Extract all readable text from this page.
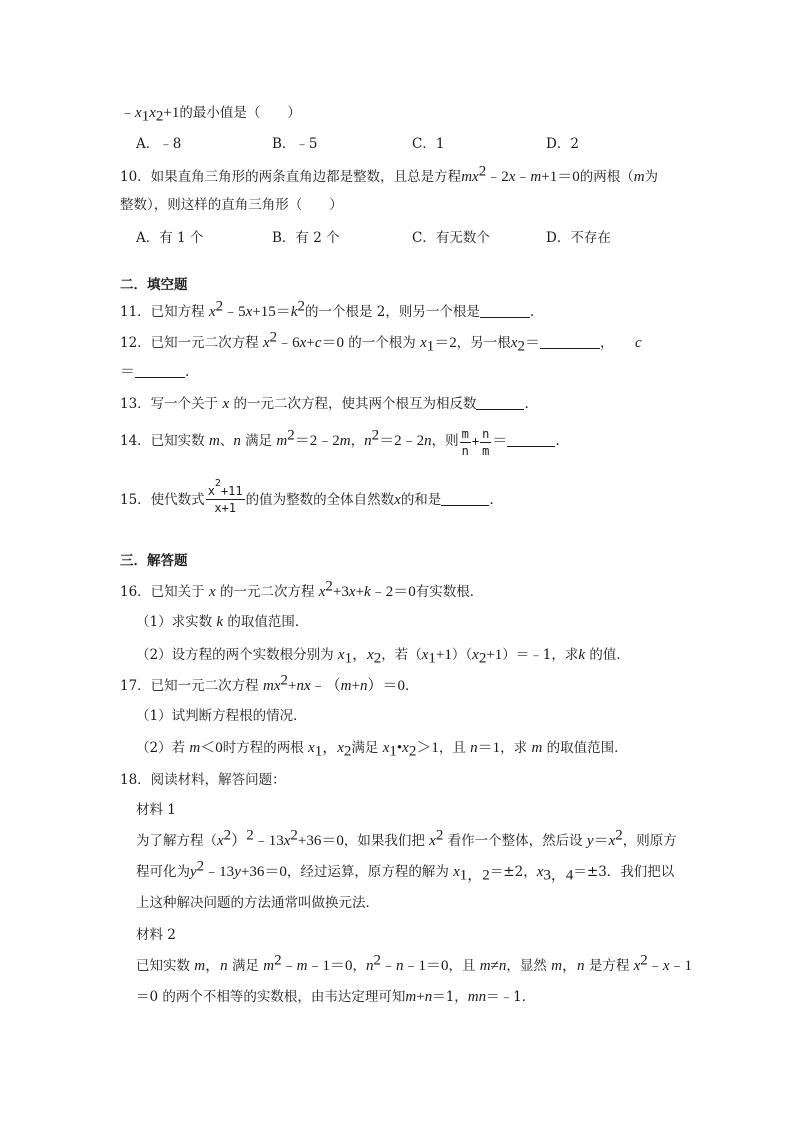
$﹣x_1x_2+1$的最小值是（　　）
A．﹣8	B．﹣5	C．1	D．2
10．如果直角三角形的两条直角边都是整数，且总是方程$mx^2﹣2x﹣m+1=0$的两根（m为
整数），则这样的直角三角形（　　）
A．有 1 个	B．有 2 个	C．有无数个	D．不存在
二．填空题
11．已知方程 $x^2﹣5x+15=k^2$的一个根是 2，则另一个根是	.
12．已知一元二次方程 $x^2﹣6x+c=0$ 的一个根为 $x_1=2$，另一根$x_2=$	， c
＝	.
13．写一个关于 x 的一元二次方程，使其两个根互为相反数	.
14．已知实数 m、n 满足 $m^2=2﹣2m$，$n^2=2﹣2n$，则 $\frac{m}{n} + \frac{n}{m}$ ＝	.
15．使代数式 $\frac{x^2+11}{x+1}$ 的值为整数的全体自然数x的和是	.
三．解答题
16．已知关于 x 的一元二次方程 $x^2+3x+k﹣2=0$有实数根．
（1）求实数 k 的取值范围．
（2）设方程的两个实数根分别为 $x_1$，$x_2$，若$(x_1+1)(x_2+1)=﹣1$，求k 的值．
17．已知一元二次方程 $mx^2+nx﹣(m+n)=0$．
（1）试判断方程根的情况．
（2）若 m＜0时方程的两根 $x_1$，$x_2$满足 $x_1•x_2>1$，且 n＝1，求 m 的取值范围．
18．阅读材料，解答问题：
材料 1
为了解方程$(x^2)^2﹣13x^2+36=0$，如果我们把 $x^2$ 看作一个整体，然后设 $y=x^2$，则原方
程可化为$y^2﹣13y+36=0$，经过运算，原方程的解为 $x_{1,2}=\pm 2$，$x_{3,4}=\pm 3$．我们把以
上这种解决问题的方法通常叫做换元法．
材料 2
已知实数 m，n 满足 $m^2﹣m﹣1=0$，$n^2﹣n﹣1=0$，且 m≠n，显然 m，n 是方程 $x^2﹣x﹣1$
＝0 的两个不相等的实数根，由韦达定理可知m+n＝1，mn＝﹣1．
